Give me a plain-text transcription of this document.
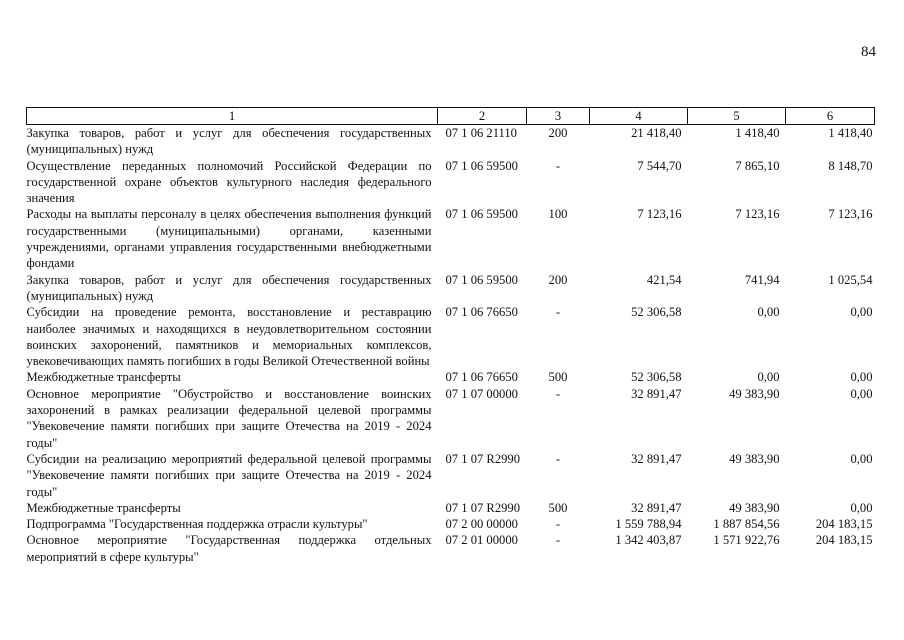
84
1	2	3	4	5	6
Закупка товаров, работ и услуг для обеспечения государственных (муниципальных) нужд	07 1 06 21110	200	21 418,40	1 418,40	1 418,40
Осуществление переданных полномочий Российской Федерации по государственной охране объектов культурного наследия федерального значения	07 1 06 59500	-	7 544,70	7 865,10	8 148,70
Расходы на выплаты персоналу в целях обеспечения выполнения функций государственными (муниципальными) органами, казенными учреждениями, органами управления государственными внебюджетными фондами	07 1 06 59500	100	7 123,16	7 123,16	7 123,16
Закупка товаров, работ и услуг для обеспечения государственных (муниципальных) нужд	07 1 06 59500	200	421,54	741,94	1 025,54
Субсидии на проведение ремонта, восстановление и реставрацию наиболее значимых и находящихся в неудовлетворительном состоянии воинских захоронений, памятников и мемориальных комплексов, увековечивающих память погибших в годы Великой Отечественной войны	07 1 06 76650	-	52 306,58	0,00	0,00
Межбюджетные трансферты	07 1 06 76650	500	52 306,58	0,00	0,00
Основное мероприятие "Обустройство и восстановление воинских захоронений в рамках реализации федеральной целевой программы "Увековечение памяти погибших при защите Отечества на 2019 - 2024 годы"	07 1 07 00000	-	32 891,47	49 383,90	0,00
Субсидии на реализацию мероприятий федеральной целевой программы "Увековечение памяти погибших при защите Отечества на 2019 - 2024 годы"	07 1 07 R2990	-	32 891,47	49 383,90	0,00
Межбюджетные трансферты	07 1 07 R2990	500	32 891,47	49 383,90	0,00
Подпрограмма "Государственная поддержка отрасли культуры"	07 2 00 00000	-	1 559 788,94	1 887 854,56	204 183,15
Основное мероприятие "Государственная поддержка отдельных мероприятий в сфере культуры"	07 2 01 00000	-	1 342 403,87	1 571 922,76	204 183,15
